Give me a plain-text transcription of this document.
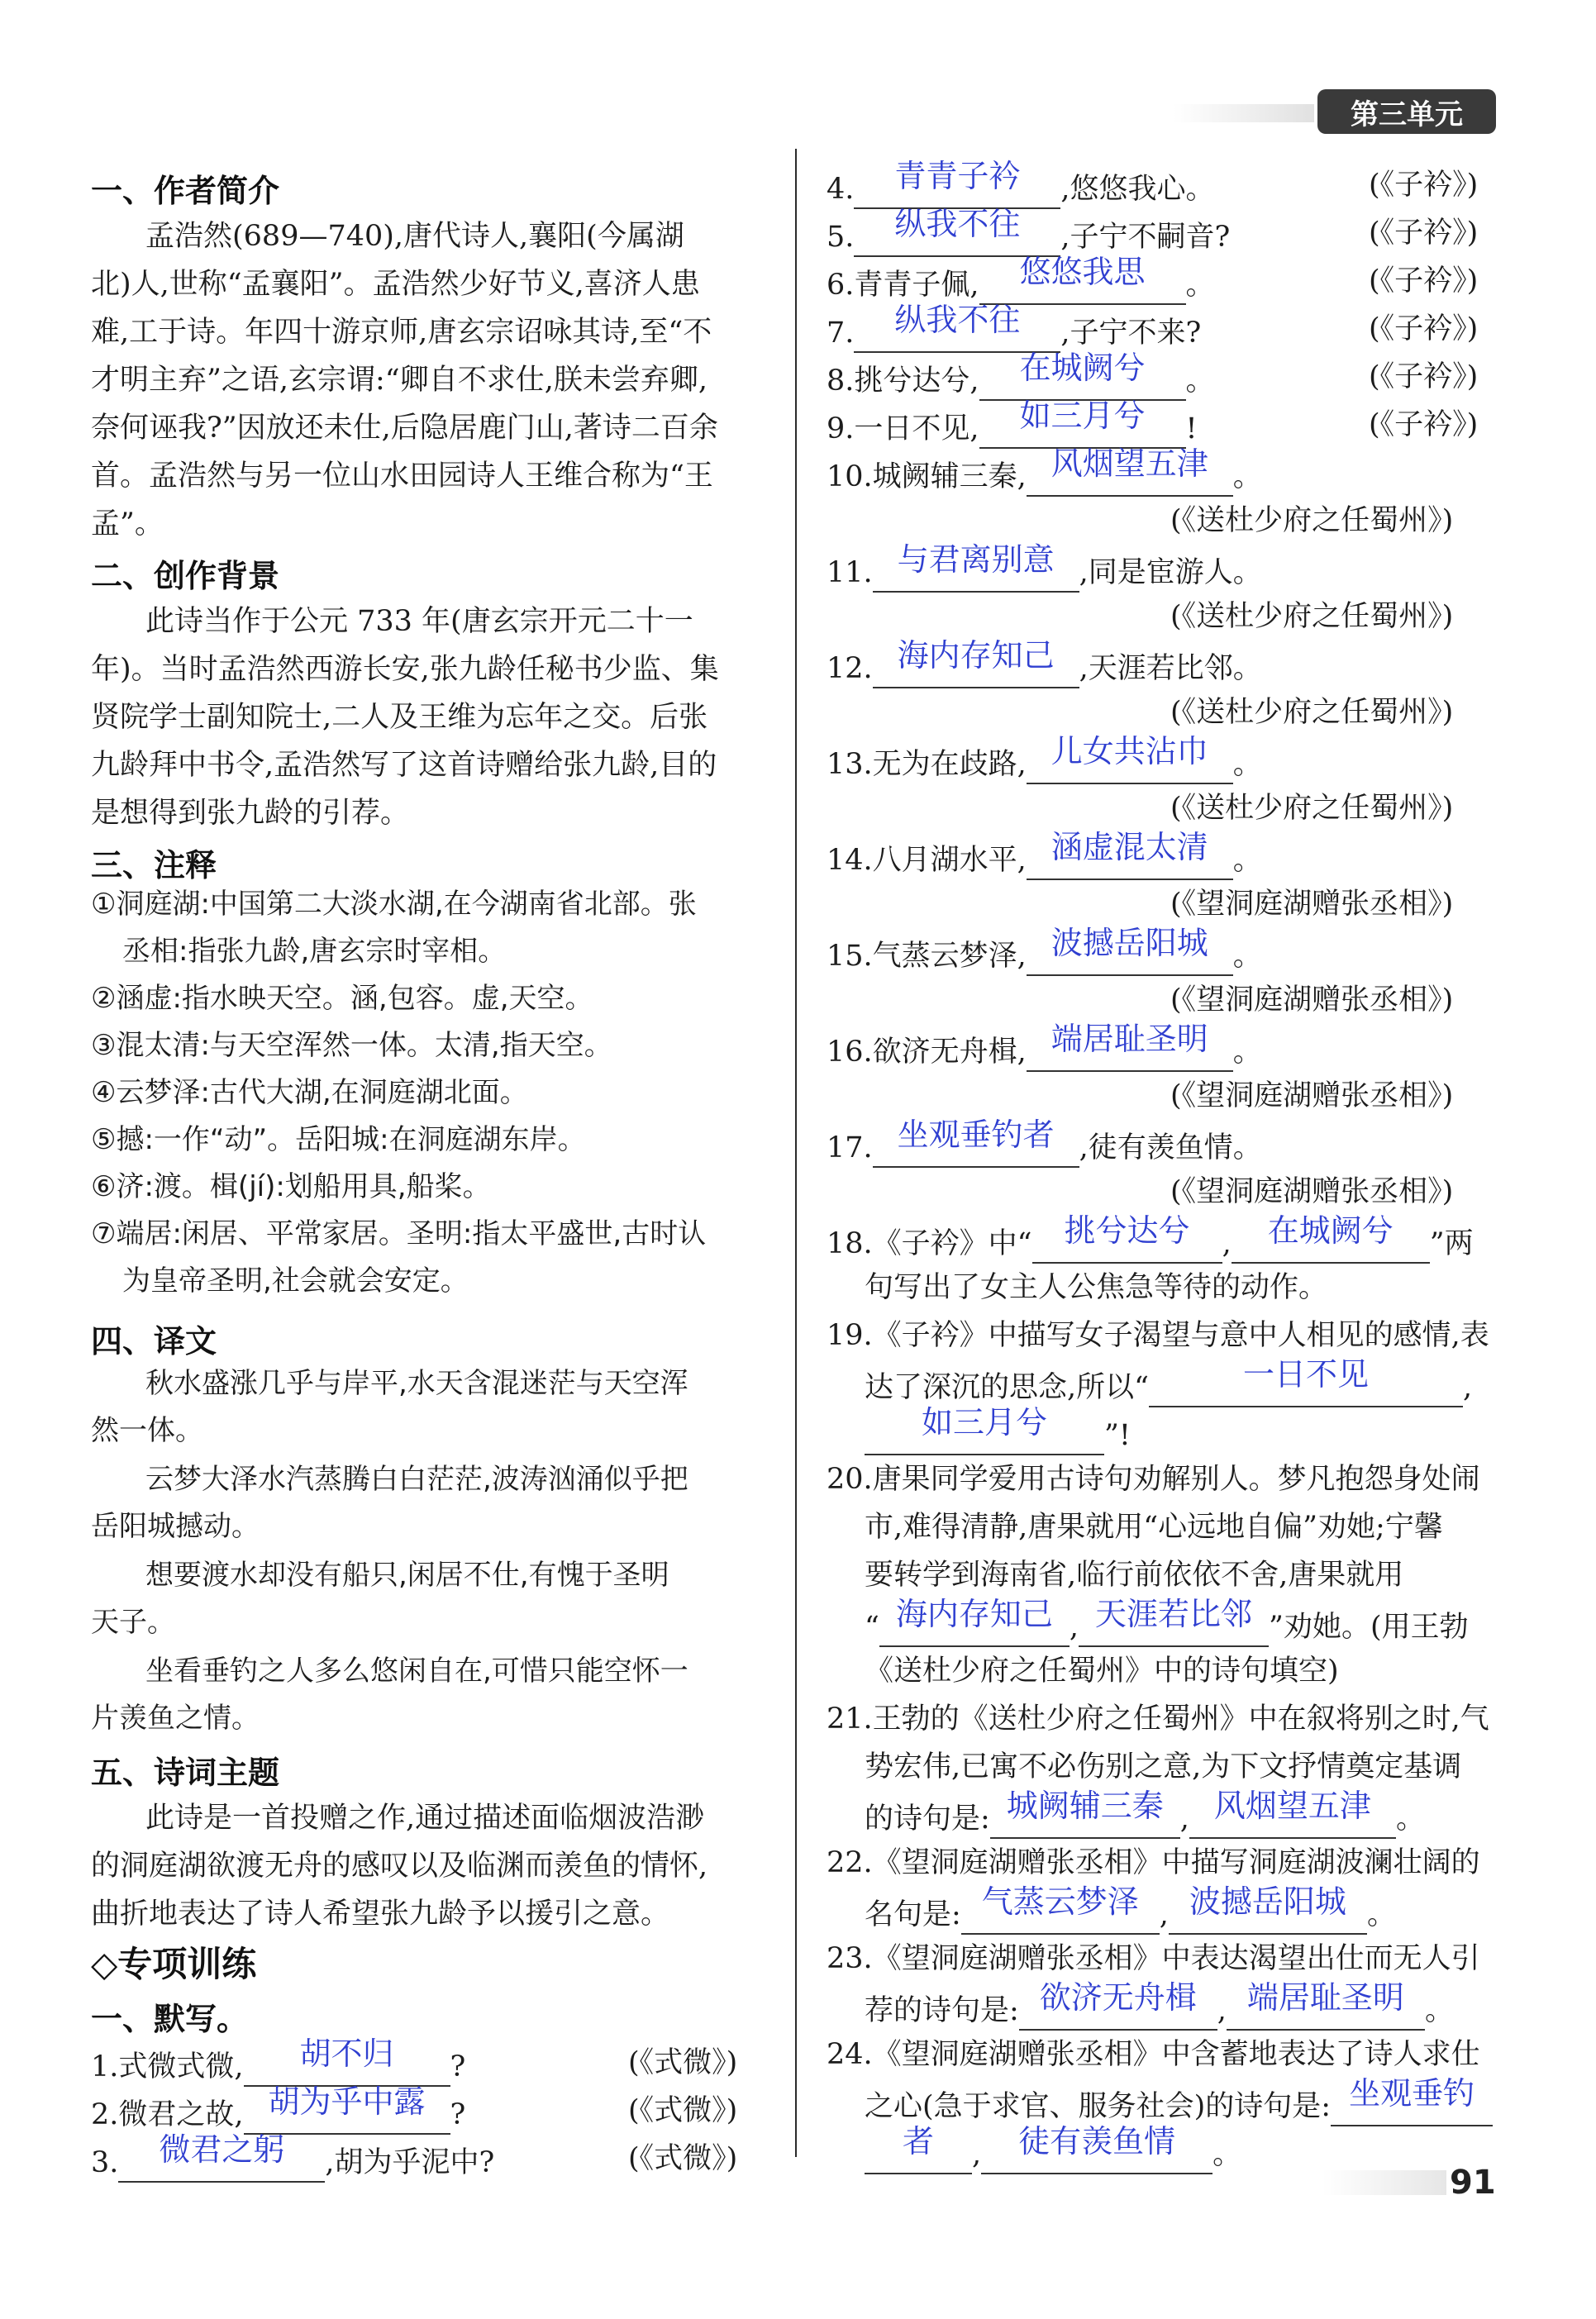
第三单元
一、作者简介
孟浩然(689—740),唐代诗人,襄阳(今属湖
北)人,世称“孟襄阳”。孟浩然少好节义,喜济人患
难,工于诗。年四十游京师,唐玄宗诏咏其诗,至“不
才明主弃”之语,玄宗谓:“卿自不求仕,朕未尝弃卿,
奈何诬我?”因放还未仕,后隐居鹿门山,著诗二百余
首。孟浩然与另一位山水田园诗人王维合称为“王
孟”。
二、创作背景
此诗当作于公元 733 年(唐玄宗开元二十一
年)。当时孟浩然西游长安,张九龄任秘书少监、集
贤院学士副知院士,二人及王维为忘年之交。后张
九龄拜中书令,孟浩然写了这首诗赠给张九龄,目的
是想得到张九龄的引荐。
三、注释
①洞庭湖:中国第二大淡水湖,在今湖南省北部。张
丞相:指张九龄,唐玄宗时宰相。
②涵虚:指水映天空。涵,包容。虚,天空。
③混太清:与天空浑然一体。太清,指天空。
④云梦泽:古代大湖,在洞庭湖北面。
⑤撼:一作“动”。岳阳城:在洞庭湖东岸。
⑥济:渡。楫(jí):划船用具,船桨。
⑦端居:闲居、平常家居。圣明:指太平盛世,古时认
为皇帝圣明,社会就会安定。
四、译文
秋水盛涨几乎与岸平,水天含混迷茫与天空浑
然一体。
云梦大泽水汽蒸腾白白茫茫,波涛汹涌似乎把
岳阳城撼动。
想要渡水却没有船只,闲居不仕,有愧于圣明
天子。
坐看垂钓之人多么悠闲自在,可惜只能空怀一
片羡鱼之情。
五、诗词主题
此诗是一首投赠之作,通过描述面临烟波浩渺
的洞庭湖欲渡无舟的感叹以及临渊而羡鱼的情怀,
曲折地表达了诗人希望张九龄予以援引之意。
◇专项训练
一、默写。
1.式微式微, 胡不归 ?	(《式微》)
2.微君之故, 胡为乎中露 ?	(《式微》)
3. 微君之躬 ,胡为乎泥中?	(《式微》)
4. 青青子衿 ,悠悠我心。	(《子衿》)
5. 纵我不往 ,子宁不嗣音?	(《子衿》)
6.青青子佩, 悠悠我思 。	(《子衿》)
7. 纵我不往 ,子宁不来?	(《子衿》)
8.挑兮达兮, 在城阙兮 。	(《子衿》)
9.一日不见, 如三月兮 !	(《子衿》)
10.城阙辅三秦, 风烟望五津 。
(《送杜少府之任蜀州》)
11. 与君离别意 ,同是宦游人。
(《送杜少府之任蜀州》)
12. 海内存知己 ,天涯若比邻。
(《送杜少府之任蜀州》)
13.无为在歧路, 儿女共沾巾 。
(《送杜少府之任蜀州》)
14.八月湖水平, 涵虚混太清 。
(《望洞庭湖赠张丞相》)
15.气蒸云梦泽, 波撼岳阳城 。
(《望洞庭湖赠张丞相》)
16.欲济无舟楫, 端居耻圣明 。
(《望洞庭湖赠张丞相》)
17. 坐观垂钓者 ,徒有羡鱼情。
(《望洞庭湖赠张丞相》)
18.《子衿》中“ 挑兮达兮 , 在城阙兮 ”两
句写出了女主人公焦急等待的动作。
19.《子衿》中描写女子渴望与意中人相见的感情,表
达了深沉的思念,所以“	一日不见	,
如三月兮 ”!
20.唐果同学爱用古诗句劝解别人。梦凡抱怨身处闹
市,难得清静,唐果就用“心远地自偏”劝她;宁馨
要转学到海南省,临行前依依不舍,唐果就用
“ 海内存知己 , 天涯若比邻 ”劝她。(用王勃
《送杜少府之任蜀州》中的诗句填空)
21.王勃的《送杜少府之任蜀州》中在叙将别之时,气
势宏伟,已寓不必伤别之意,为下文抒情奠定基调
的诗句是: 城阙辅三秦 , 风烟望五津 。
22.《望洞庭湖赠张丞相》中描写洞庭湖波澜壮阔的
名句是: 气蒸云梦泽 , 波撼岳阳城 。
23.《望洞庭湖赠张丞相》中表达渴望出仕而无人引
荐的诗句是: 欲济无舟楫 , 端居耻圣明 。
24.《望洞庭湖赠张丞相》中含蓄地表达了诗人求仕
之心(急于求官、服务社会)的诗句是: 坐观垂钓
者 , 徒有羡鱼情 。
91
